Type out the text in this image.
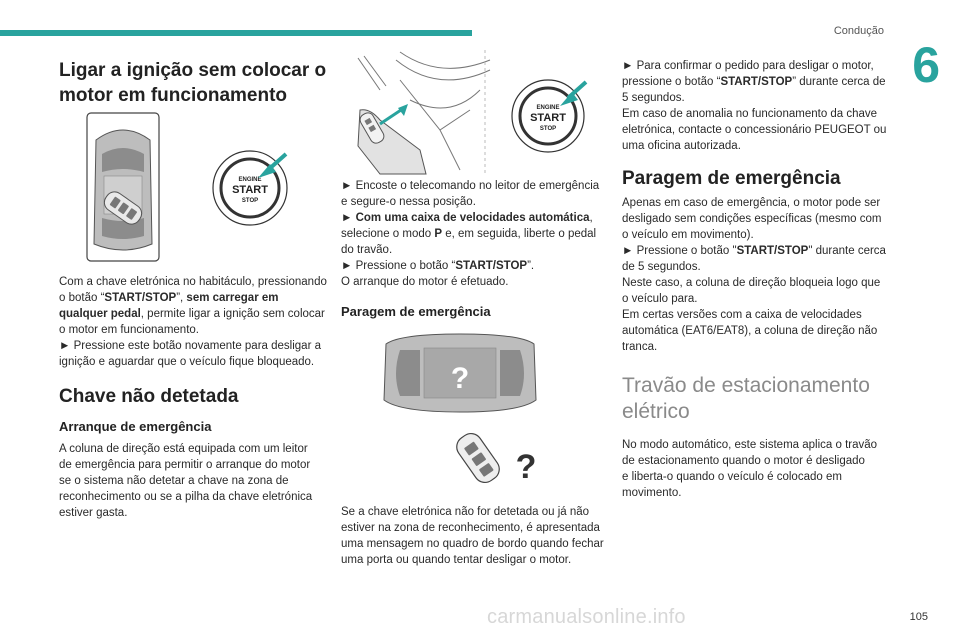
Condução
6
Ligar a ignição sem colocar o
motor em funcionamento
ENGINE
START
STOP

Com a chave eletrónica no habitáculo, pressionando
o botão “START/STOP”, sem carregar em
qualquer pedal, permite ligar a ignição sem colocar
o motor em funcionamento.
► Pressione este botão novamente para desligar a
ignição e aguardar que o veículo fique bloqueado.

Chave não detetada
Arranque de emergência

A coluna de direção está equipada com um leitor
de emergência para permitir o arranque do motor
se o sistema não detetar a chave na zona de
reconhecimento ou se a pilha da chave eletrónica
estiver gasta.

ENGINE
START
STOP

► Encoste o telecomando no leitor de emergência
e segure-o nessa posição.
► Com uma caixa de velocidades automática,
selecione o modo P e, em seguida, liberte o pedal
do travão.
► Pressione o botão “START/STOP”.
O arranque do motor é efetuado.

Paragem de emergência
?
?

Se a chave eletrónica não for detetada ou já não
estiver na zona de reconhecimento, é apresentada
uma mensagem no quadro de bordo quando fechar
uma porta ou quando tentar desligar o motor.

► Para confirmar o pedido para desligar o motor,
pressione o botão “START/STOP” durante cerca de
5 segundos.
Em caso de anomalia no funcionamento da chave
eletrónica, contacte o concessionário PEUGEOT ou
uma oficina autorizada.

Paragem de emergência

Apenas em caso de emergência, o motor pode ser
desligado sem condições específicas (mesmo com
o veículo em movimento).
► Pressione o botão "START/STOP" durante cerca
de 5 segundos.
Neste caso, a coluna de direção bloqueia logo que
o veículo para.
Em certas versões com a caixa de velocidades
automática (EAT6/EAT8), a coluna de direção não
tranca.

Travão de estacionamento
elétrico

No modo automático, este sistema aplica o travão
de estacionamento quando o motor é desligado
e liberta-o quando o veículo é colocado em
movimento.

carmanualsonline.info	105
